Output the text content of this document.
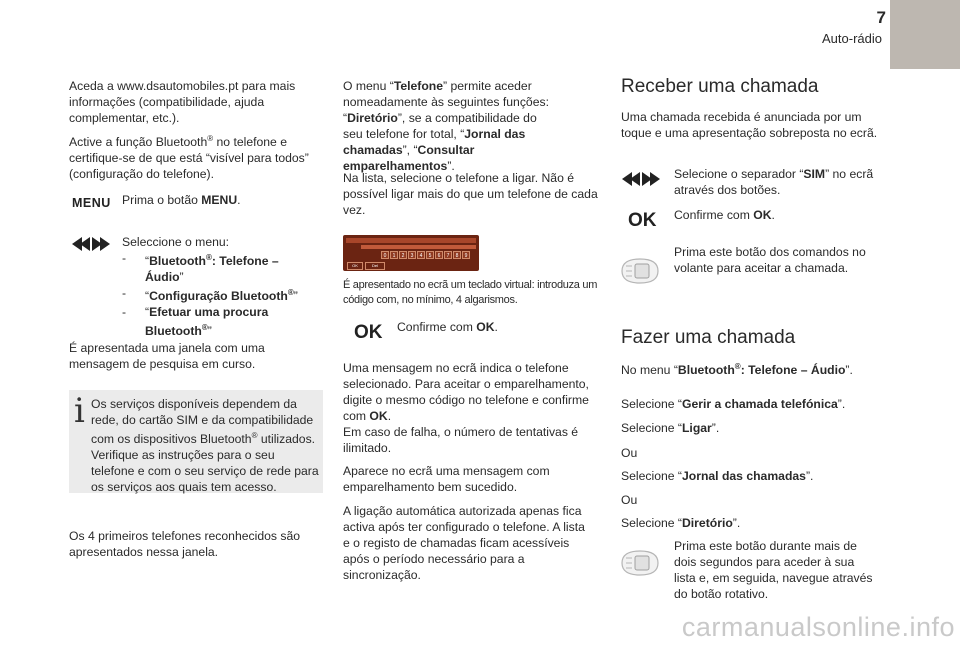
7
Auto-rádio

Aceda a www.dsautomobiles.pt para mais informações (compatibilidade, ajuda complementar, etc.).

Active a função Bluetooth® no telefone e certifique-se de que está “visível para todos” (configuração do telefone).

MENU Prima o botão MENU.

Seleccione o menu:

-	“Bluetooth®: Telefone – Áudio”
-	“Configuração Bluetooth®”
-	“Efetuar uma procura Bluetooth®”

É apresentada uma janela com uma mensagem de pesquisa em curso.

i Os serviços disponíveis dependem da rede, do cartão SIM e da compatibilidade com os dispositivos Bluetooth® utilizados. Verifique as instruções para o seu telefone e com o seu serviço de rede para os serviços aos quais tem acesso.

Os 4 primeiros telefones reconhecidos são apresentados nessa janela.

O menu “Telefone” permite aceder nomeadamente às seguintes funções: “Diretório”, se a compatibilidade do seu telefone for total, “Jornal das chamadas”, “Consultar emparelhamentos”.

Na lista, selecione o telefone a ligar. Não é possível ligar mais do que um telefone de cada vez.

0	1	2	3	4	5	6	7	8	9
OK	Del

É apresentado no ecrã um teclado virtual: introduza um código com, no mínimo, 4 algarismos.

OK Confirme com OK.

Uma mensagem no ecrã indica o telefone selecionado. Para aceitar o emparelhamento, digite o mesmo código no telefone e confirme com OK.
Em caso de falha, o número de tentativas é ilimitado.

Aparece no ecrã uma mensagem com emparelhamento bem sucedido.

A ligação automática autorizada apenas fica activa após ter configurado o telefone. A lista e o registo de chamadas ficam acessíveis após o período necessário para a sincronização.

Receber uma chamada

Uma chamada recebida é anunciada por um toque e uma apresentação sobreposta no ecrã.

Selecione o separador “SIM” no ecrã através dos botões.

OK Confirme com OK.

Prima este botão dos comandos no volante para aceitar a chamada.

Fazer uma chamada

No menu “Bluetooth®: Telefone – Áudio”.

Selecione “Gerir a chamada telefónica”.

Selecione “Ligar”.

Ou

Selecione “Jornal das chamadas”.

Ou

Selecione “Diretório”.

Prima este botão durante mais de dois segundos para aceder à sua lista e, em seguida, navegue através do botão rotativo.

carmanualsonline.info
